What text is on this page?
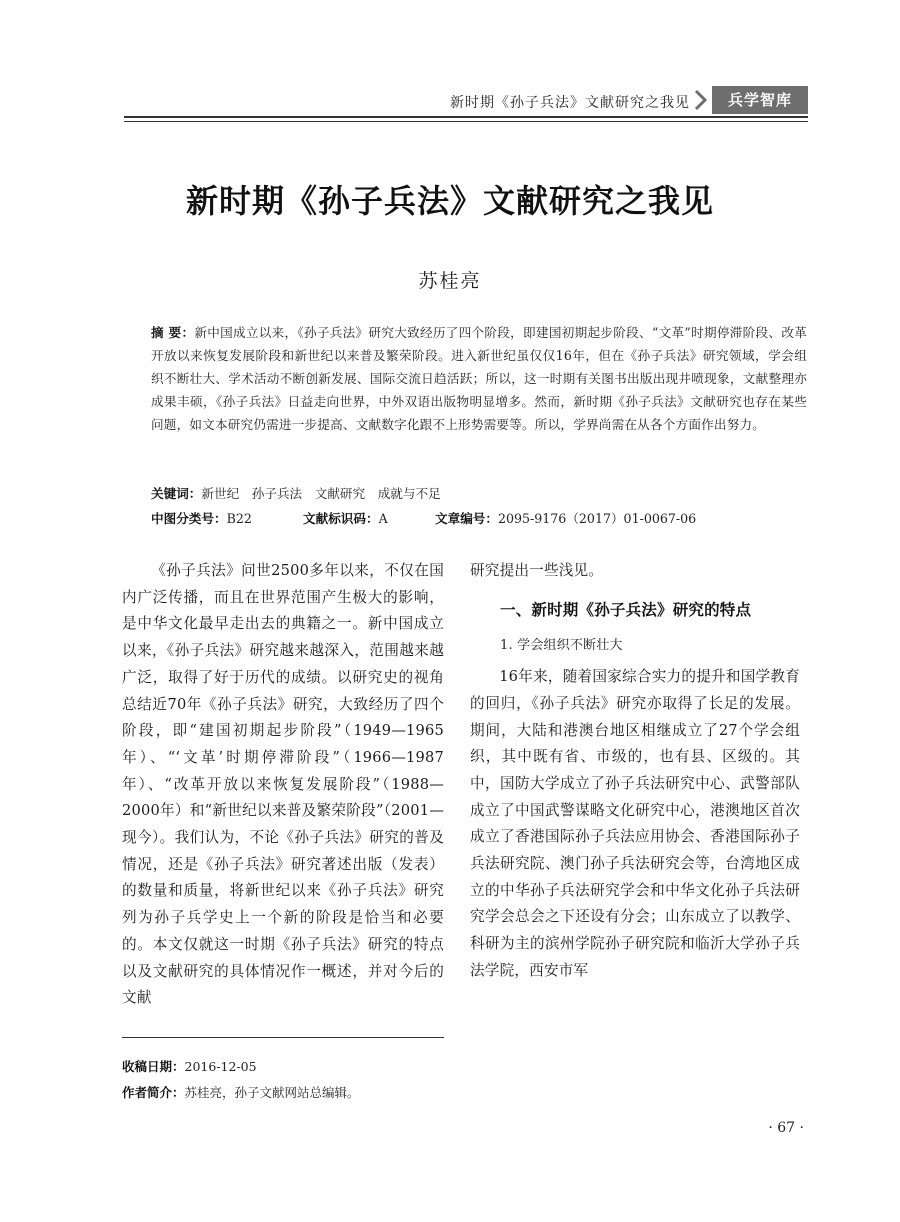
新时期《孙子兵法》文献研究之我见	兵学智库
新时期《孙子兵法》文献研究之我见
苏桂亮
摘 要：新中国成立以来，《孙子兵法》研究大致经历了四个阶段，即建国初期起步阶段、“文革”时期停滞阶段、改革开放以来恢复发展阶段和新世纪以来普及繁荣阶段。进入新世纪虽仅仅16年，但在《孙子兵法》研究领域，学会组织不断壮大、学术活动不断创新发展、国际交流日趋活跃；所以，这一时期有关图书出版出现井喷现象，文献整理亦成果丰硕，《孙子兵法》日益走向世界，中外双语出版物明显增多。然而，新时期《孙子兵法》文献研究也存在某些问题，如文本研究仍需进一步提高、文献数字化跟不上形势需要等。所以，学界尚需在从各个方面作出努力。
关键词：新世纪　孙子兵法　文献研究　成就与不足
中图分类号：B22	文献标识码：A	文章编号：2095-9176（2017）01-0067-06

《孙子兵法》问世2500多年以来，不仅在国内广泛传播，而且在世界范围产生极大的影响，是中华文化最早走出去的典籍之一。新中国成立以来，《孙子兵法》研究越来越深入，范围越来越广泛，取得了好于历代的成绩。以研究史的视角总结近70年《孙子兵法》研究，大致经历了四个阶段，即“建国初期起步阶段”（1949—1965年）、“‘文革’时期停滞阶段”（1966—1987年）、“改革开放以来恢复发展阶段”（1988—2000年）和“新世纪以来普及繁荣阶段”（2001—现今）。我们认为，不论《孙子兵法》研究的普及情况，还是《孙子兵法》研究著述出版（发表）的数量和质量，将新世纪以来《孙子兵法》研究列为孙子兵学史上一个新的阶段是恰当和必要的。本文仅就这一时期《孙子兵法》研究的特点以及文献研究的具体情况作一概述，并对今后的文献

研究提出一些浅见。

一、新时期《孙子兵法》研究的特点
1. 学会组织不断壮大

16年来，随着国家综合实力的提升和国学教育的回归，《孙子兵法》研究亦取得了长足的发展。期间，大陆和港澳台地区相继成立了27个学会组织，其中既有省、市级的，也有县、区级的。其中，国防大学成立了孙子兵法研究中心、武警部队成立了中国武警谋略文化研究中心，港澳地区首次成立了香港国际孙子兵法应用协会、香港国际孙子兵法研究院、澳门孙子兵法研究会等，台湾地区成立的中华孙子兵法研究学会和中华文化孙子兵法研究学会总会之下还设有分会；山东成立了以教学、科研为主的滨州学院孙子研究院和临沂大学孙子兵法学院，西安市军

收稿日期：2016-12-05
作者简介：苏桂亮，孙子文献网站总编辑。
· 67 ·
